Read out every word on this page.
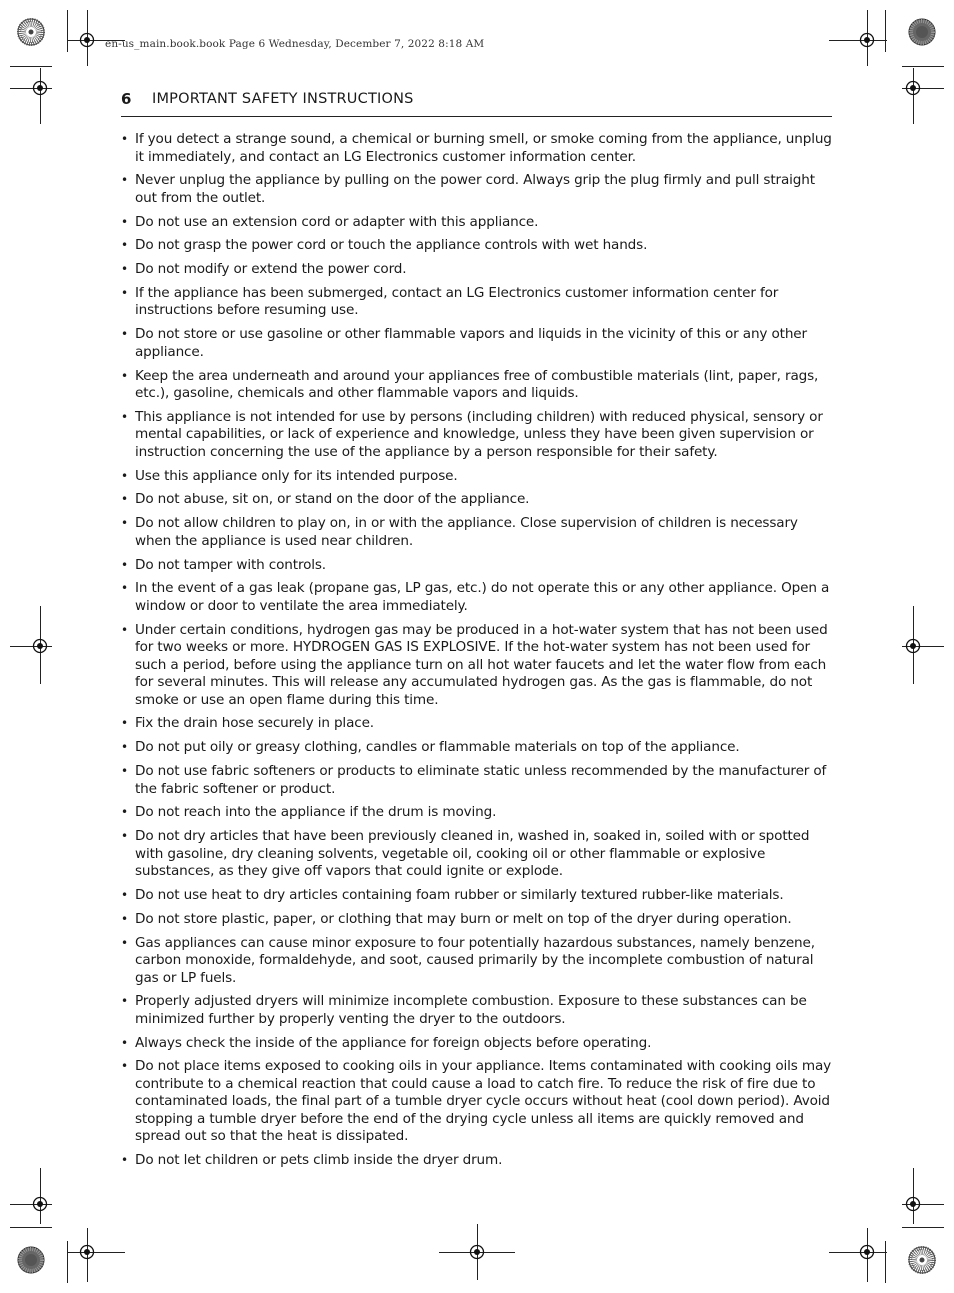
en-us_main.book.book Page 6 Wednesday, December 7, 2022 8:18 AM
6 IMPORTANT SAFETY INSTRUCTIONS
• If you detect a strange sound, a chemical or burning smell, or smoke coming from the appliance, unplug it immediately, and contact an LG Electronics customer information center.
• Never unplug the appliance by pulling on the power cord. Always grip the plug firmly and pull straight out from the outlet.
• Do not use an extension cord or adapter with this appliance.
• Do not grasp the power cord or touch the appliance controls with wet hands.
• Do not modify or extend the power cord.
• If the appliance has been submerged, contact an LG Electronics customer information center for instructions before resuming use.
• Do not store or use gasoline or other flammable vapors and liquids in the vicinity of this or any other appliance.
• Keep the area underneath and around your appliances free of combustible materials (lint, paper, rags, etc.), gasoline, chemicals and other flammable vapors and liquids.
• This appliance is not intended for use by persons (including children) with reduced physical, sensory or mental capabilities, or lack of experience and knowledge, unless they have been given supervision or instruction concerning the use of the appliance by a person responsible for their safety.
• Use this appliance only for its intended purpose.
• Do not abuse, sit on, or stand on the door of the appliance.
• Do not allow children to play on, in or with the appliance. Close supervision of children is necessary when the appliance is used near children.
• Do not tamper with controls.
• In the event of a gas leak (propane gas, LP gas, etc.) do not operate this or any other appliance. Open a window or door to ventilate the area immediately.
• Under certain conditions, hydrogen gas may be produced in a hot-water system that has not been used for two weeks or more. HYDROGEN GAS IS EXPLOSIVE. If the hot-water system has not been used for such a period, before using the appliance turn on all hot water faucets and let the water flow from each for several minutes. This will release any accumulated hydrogen gas. As the gas is flammable, do not smoke or use an open flame during this time.
• Fix the drain hose securely in place.
• Do not put oily or greasy clothing, candles or flammable materials on top of the appliance.
• Do not use fabric softeners or products to eliminate static unless recommended by the manufacturer of the fabric softener or product.
• Do not reach into the appliance if the drum is moving.
• Do not dry articles that have been previously cleaned in, washed in, soaked in, soiled with or spotted with gasoline, dry cleaning solvents, vegetable oil, cooking oil or other flammable or explosive substances, as they give off vapors that could ignite or explode.
• Do not use heat to dry articles containing foam rubber or similarly textured rubber-like materials.
• Do not store plastic, paper, or clothing that may burn or melt on top of the dryer during operation.
• Gas appliances can cause minor exposure to four potentially hazardous substances, namely benzene, carbon monoxide, formaldehyde, and soot, caused primarily by the incomplete combustion of natural gas or LP fuels.
• Properly adjusted dryers will minimize incomplete combustion. Exposure to these substances can be minimized further by properly venting the dryer to the outdoors.
• Always check the inside of the appliance for foreign objects before operating.
• Do not place items exposed to cooking oils in your appliance. Items contaminated with cooking oils may contribute to a chemical reaction that could cause a load to catch fire. To reduce the risk of fire due to contaminated loads, the final part of a tumble dryer cycle occurs without heat (cool down period). Avoid stopping a tumble dryer before the end of the drying cycle unless all items are quickly removed and spread out so that the heat is dissipated.
• Do not let children or pets climb inside the dryer drum.
